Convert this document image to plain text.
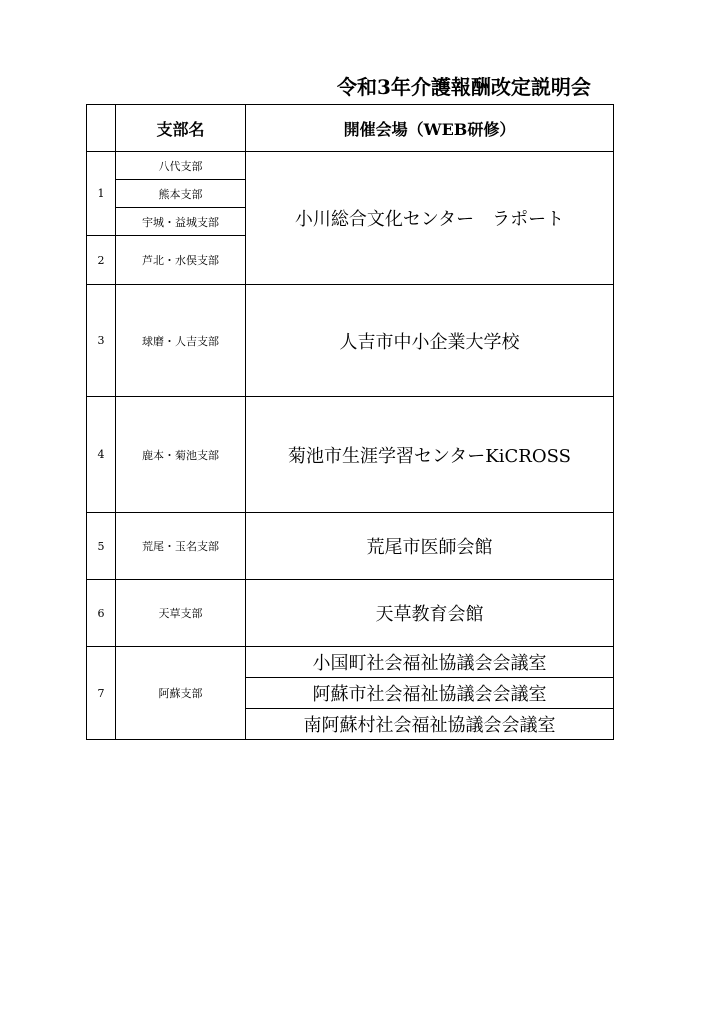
令和3年介護報酬改定説明会
	支部名	開催会場（WEB研修）
1	八代支部	小川総合文化センター　ラポート
	熊本支部	
	宇城・益城支部	
2	芦北・水俣支部	
3	球磨・人吉支部	人吉市中小企業大学校
4	鹿本・菊池支部	菊池市生涯学習センターKiCROSS
5	荒尾・玉名支部	荒尾市医師会館
6	天草支部	天草教育会館
7	阿蘇支部	小国町社会福祉協議会会議室
		阿蘇市社会福祉協議会会議室
		南阿蘇村社会福祉協議会会議室
